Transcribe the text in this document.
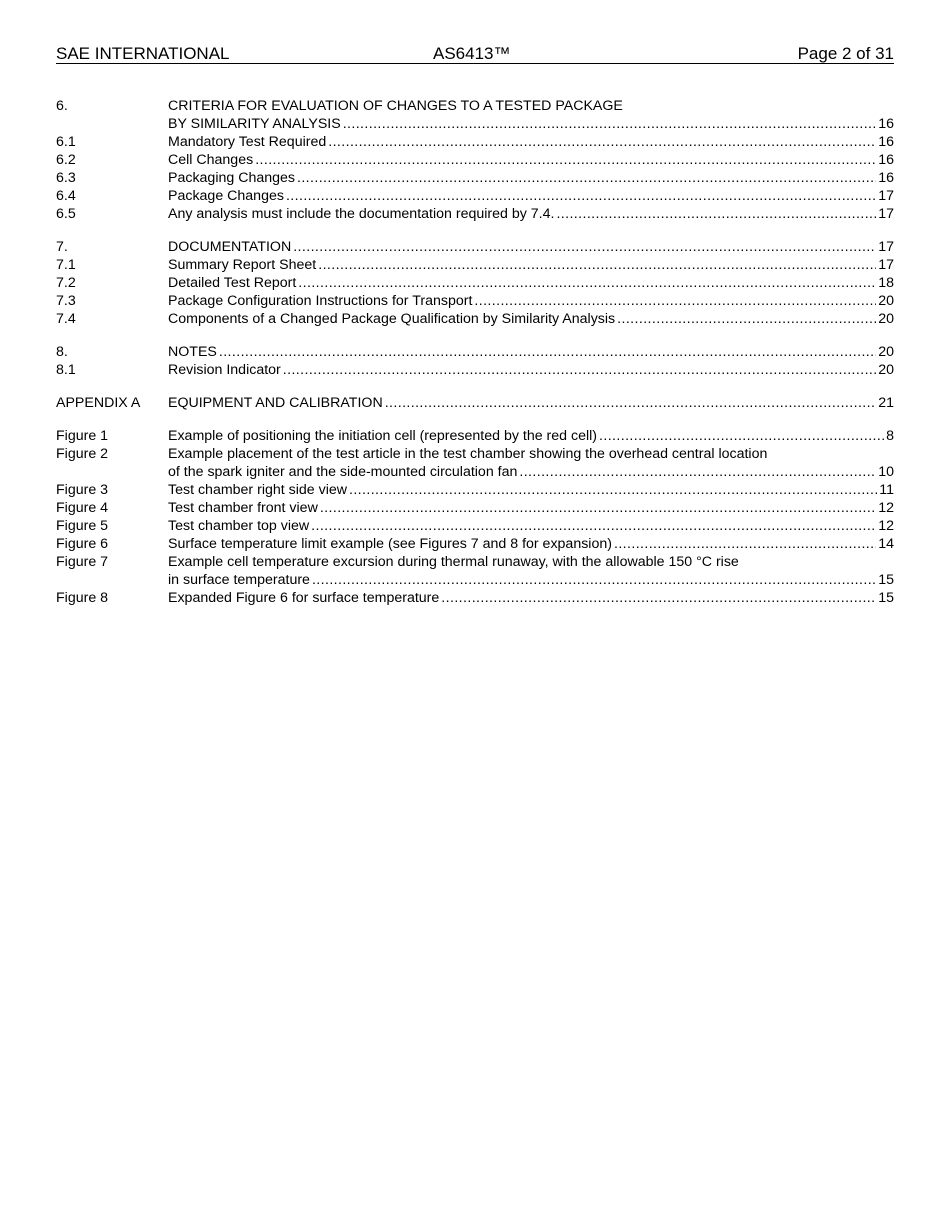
SAE INTERNATIONAL	AS6413™	Page 2 of 31
6.	CRITERIA FOR EVALUATION OF CHANGES TO A TESTED PACKAGE
BY SIMILARITY ANALYSIS .....	16
6.1	Mandatory Test Required .....	16
6.2	Cell Changes .....	16
6.3	Packaging Changes .....	16
6.4	Package Changes .....	17
6.5	Any analysis must include the documentation required by 7.4. .....	17
7.	DOCUMENTATION .....	17
7.1	Summary Report Sheet .....	17
7.2	Detailed Test Report .....	18
7.3	Package Configuration Instructions for Transport .....	20
7.4	Components of a Changed Package Qualification by Similarity Analysis .....	20
8.	NOTES .....	20
8.1	Revision Indicator .....	20
APPENDIX A	EQUIPMENT AND CALIBRATION .....	21
Figure 1	Example of positioning the initiation cell (represented by the red cell) .....	8
Figure 2	Example placement of the test article in the test chamber showing the overhead central location
of the spark igniter and the side-mounted circulation fan .....	10
Figure 3	Test chamber right side view .....	11
Figure 4	Test chamber front view .....	12
Figure 5	Test chamber top view .....	12
Figure 6	Surface temperature limit example (see Figures 7 and 8 for expansion) .....	14
Figure 7	Example cell temperature excursion during thermal runaway, with the allowable 150 °C rise
in surface temperature .....	15
Figure 8	Expanded Figure 6 for surface temperature .....	15
